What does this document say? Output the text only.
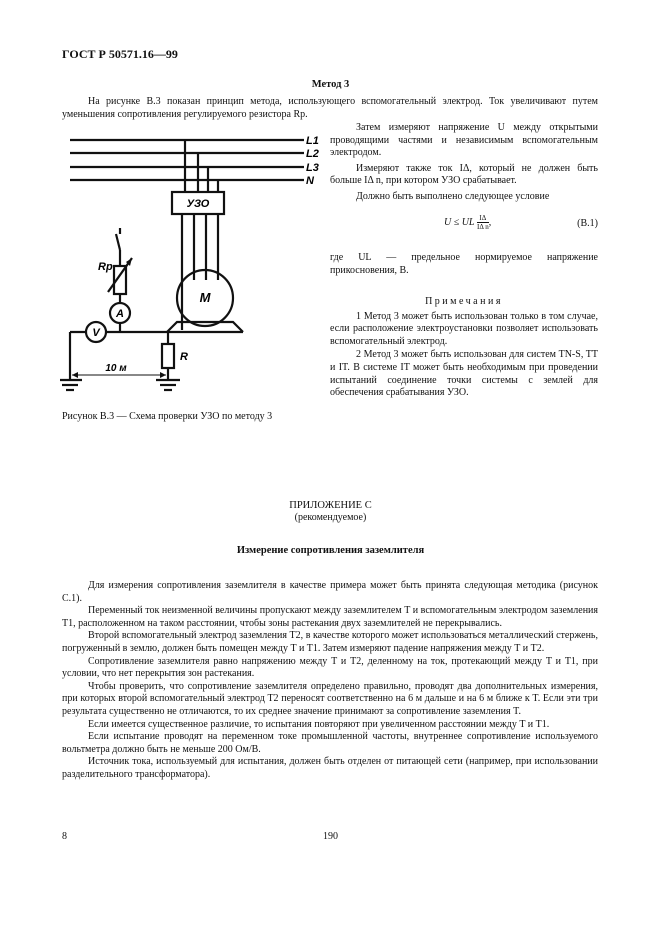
ГОСТ Р 50571.16—99
Метод 3
На рисунке В.3 показан принцип метода, использующего вспомогательный электрод. Ток увеличивают путем уменьшения сопротивления регулируемого резистора Rр.

Затем измеряют напряжение U между открытыми проводящими частями и независимым вспомогательным электродом.

Измеряют также ток IΔ, который не должен быть больше IΔ n, при котором УЗО срабатывает.

Должно быть выполнено следующее условие

U ≤ UL $\frac{I\Delta}{\text{IΔ n}}$ ,	(В.1)
где UL — предельное нормируемое напряжение прикосновения, В.
Примечания

1 Метод 3 может быть использован только в том случае, если расположение электроустановки позволяет использовать вспомогательный электрод.

2 Метод 3 может быть использован для систем TN-S, TT и IT. В системе IT может быть необходимым при проведении испытаний соединение точки системы с землей для обеспечения срабатывания УЗО.

L1
L2
L3
N
УЗО
Rp
A
V
M
R
10 м
Рисунок В.3 — Схема проверки УЗО по методу 3
ПРИЛОЖЕНИЕ С
(рекомендуемое)
Измерение сопротивления заземлителя

Для измерения сопротивления заземлителя в качестве примера может быть принята следующая методика (рисунок С.1).

Переменный ток неизменной величины пропускают между заземлителем T и вспомогательным электродом заземления T1, расположенном на таком расстоянии, чтобы зоны растекания двух заземлителей не перекрывались.

Второй вспомогательный электрод заземления T2, в качестве которого может использоваться металлический стержень, погруженный в землю, должен быть помещен между T и T1. Затем измеряют падение напряжения между T и T2.

Сопротивление заземлителя равно напряжению между T и T2, деленному на ток, протекающий между T и T1, при условии, что нет перекрытия зон растекания.

Чтобы проверить, что сопротивление заземлителя определено правильно, проводят два дополнительных измерения, при которых второй вспомогательный электрод T2 переносят соответственно на 6 м дальше и на 6 м ближе к T. Если эти три результата существенно не отличаются, то их среднее значение принимают за сопротивление заземления T.

Если имеется существенное различие, то испытания повторяют при увеличенном расстоянии между T и T1.

Если испытание проводят на переменном токе промышленной частоты, внутреннее сопротивление используемого вольтметра должно быть не меньше 200 Ом/В.

Источник тока, используемый для испытания, должен быть отделен от питающей сети (например, при использовании разделительного трансформатора).

8	190
